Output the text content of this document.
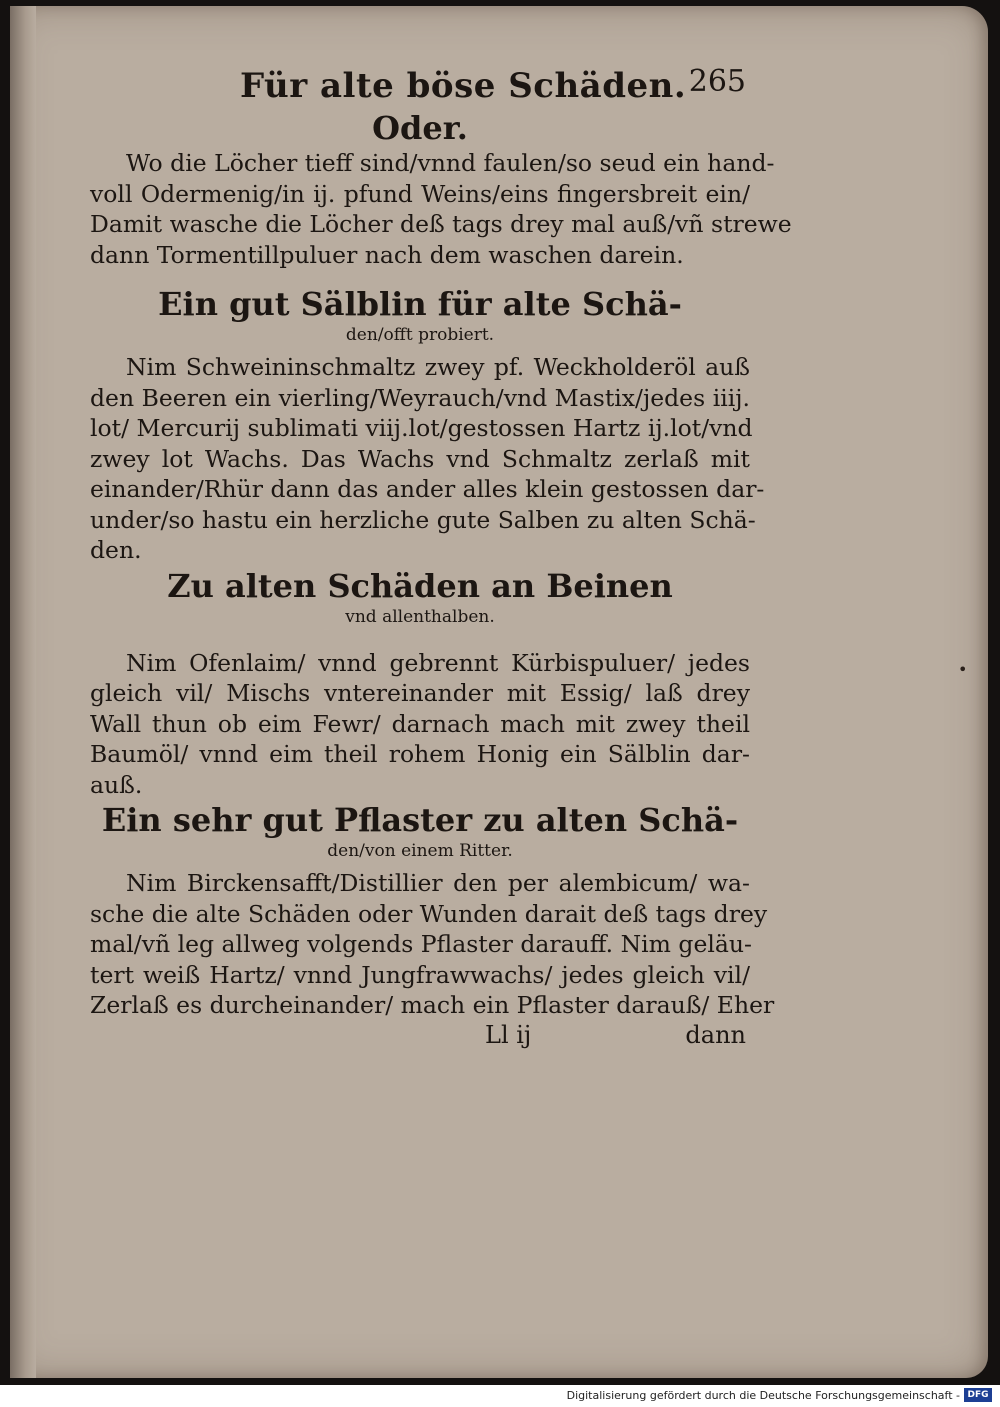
Für alte böse Schäden. 265
Oder.

Wo die Löcher tieff sind/vnnd faulen/so seud ein hand-
voll Odermenig/in ij. pfund Weins/eins fingersbreit ein/
Damit wasche die Löcher deß tags drey mal auß/vñ strewe
dann Tormentillpuluer nach dem waschen darein.

Ein gut Sälblin für alte Schä-
den/offt probiert.

Nim Schweininschmaltz zwey pf. Weckholderöl auß
den Beeren ein vierling/Weyrauch/vnd Mastix/jedes iiij.
lot/ Mercurij sublimati viij.lot/gestossen Hartz ij.lot/vnd
zwey lot Wachs. Das Wachs vnd Schmaltz zerlaß mit
einander/Rhür dann das ander alles klein gestossen dar-
under/so hastu ein herzliche gute Salben zu alten Schä-
den.

Zu alten Schäden an Beinen
vnd allenthalben.

Nim Ofenlaim/ vnnd gebrennt Kürbispuluer/ jedes
gleich vil/ Mischs vntereinander mit Essig/ laß drey
Wall thun ob eim Fewr/ darnach mach mit zwey theil
Baumöl/ vnnd eim theil rohem Honig ein Sälblin dar-
auß.

Ein sehr gut Pflaster zu alten Schä-
den/von einem Ritter.

Nim Birckensafft/Distillier den per alembicum/ wa-
sche die alte Schäden oder Wunden darait deß tags drey
mal/vñ leg allweg volgends Pflaster darauff. Nim geläu-
tert weiß Hartz/ vnnd Jungfrawwachs/ jedes gleich vil/
Zerlaß es durcheinander/ mach ein Pflaster darauß/ Eher

Ll ij	dann
•
Digitalisierung gefördert durch die Deutsche Forschungsgemeinschaft - DFG
